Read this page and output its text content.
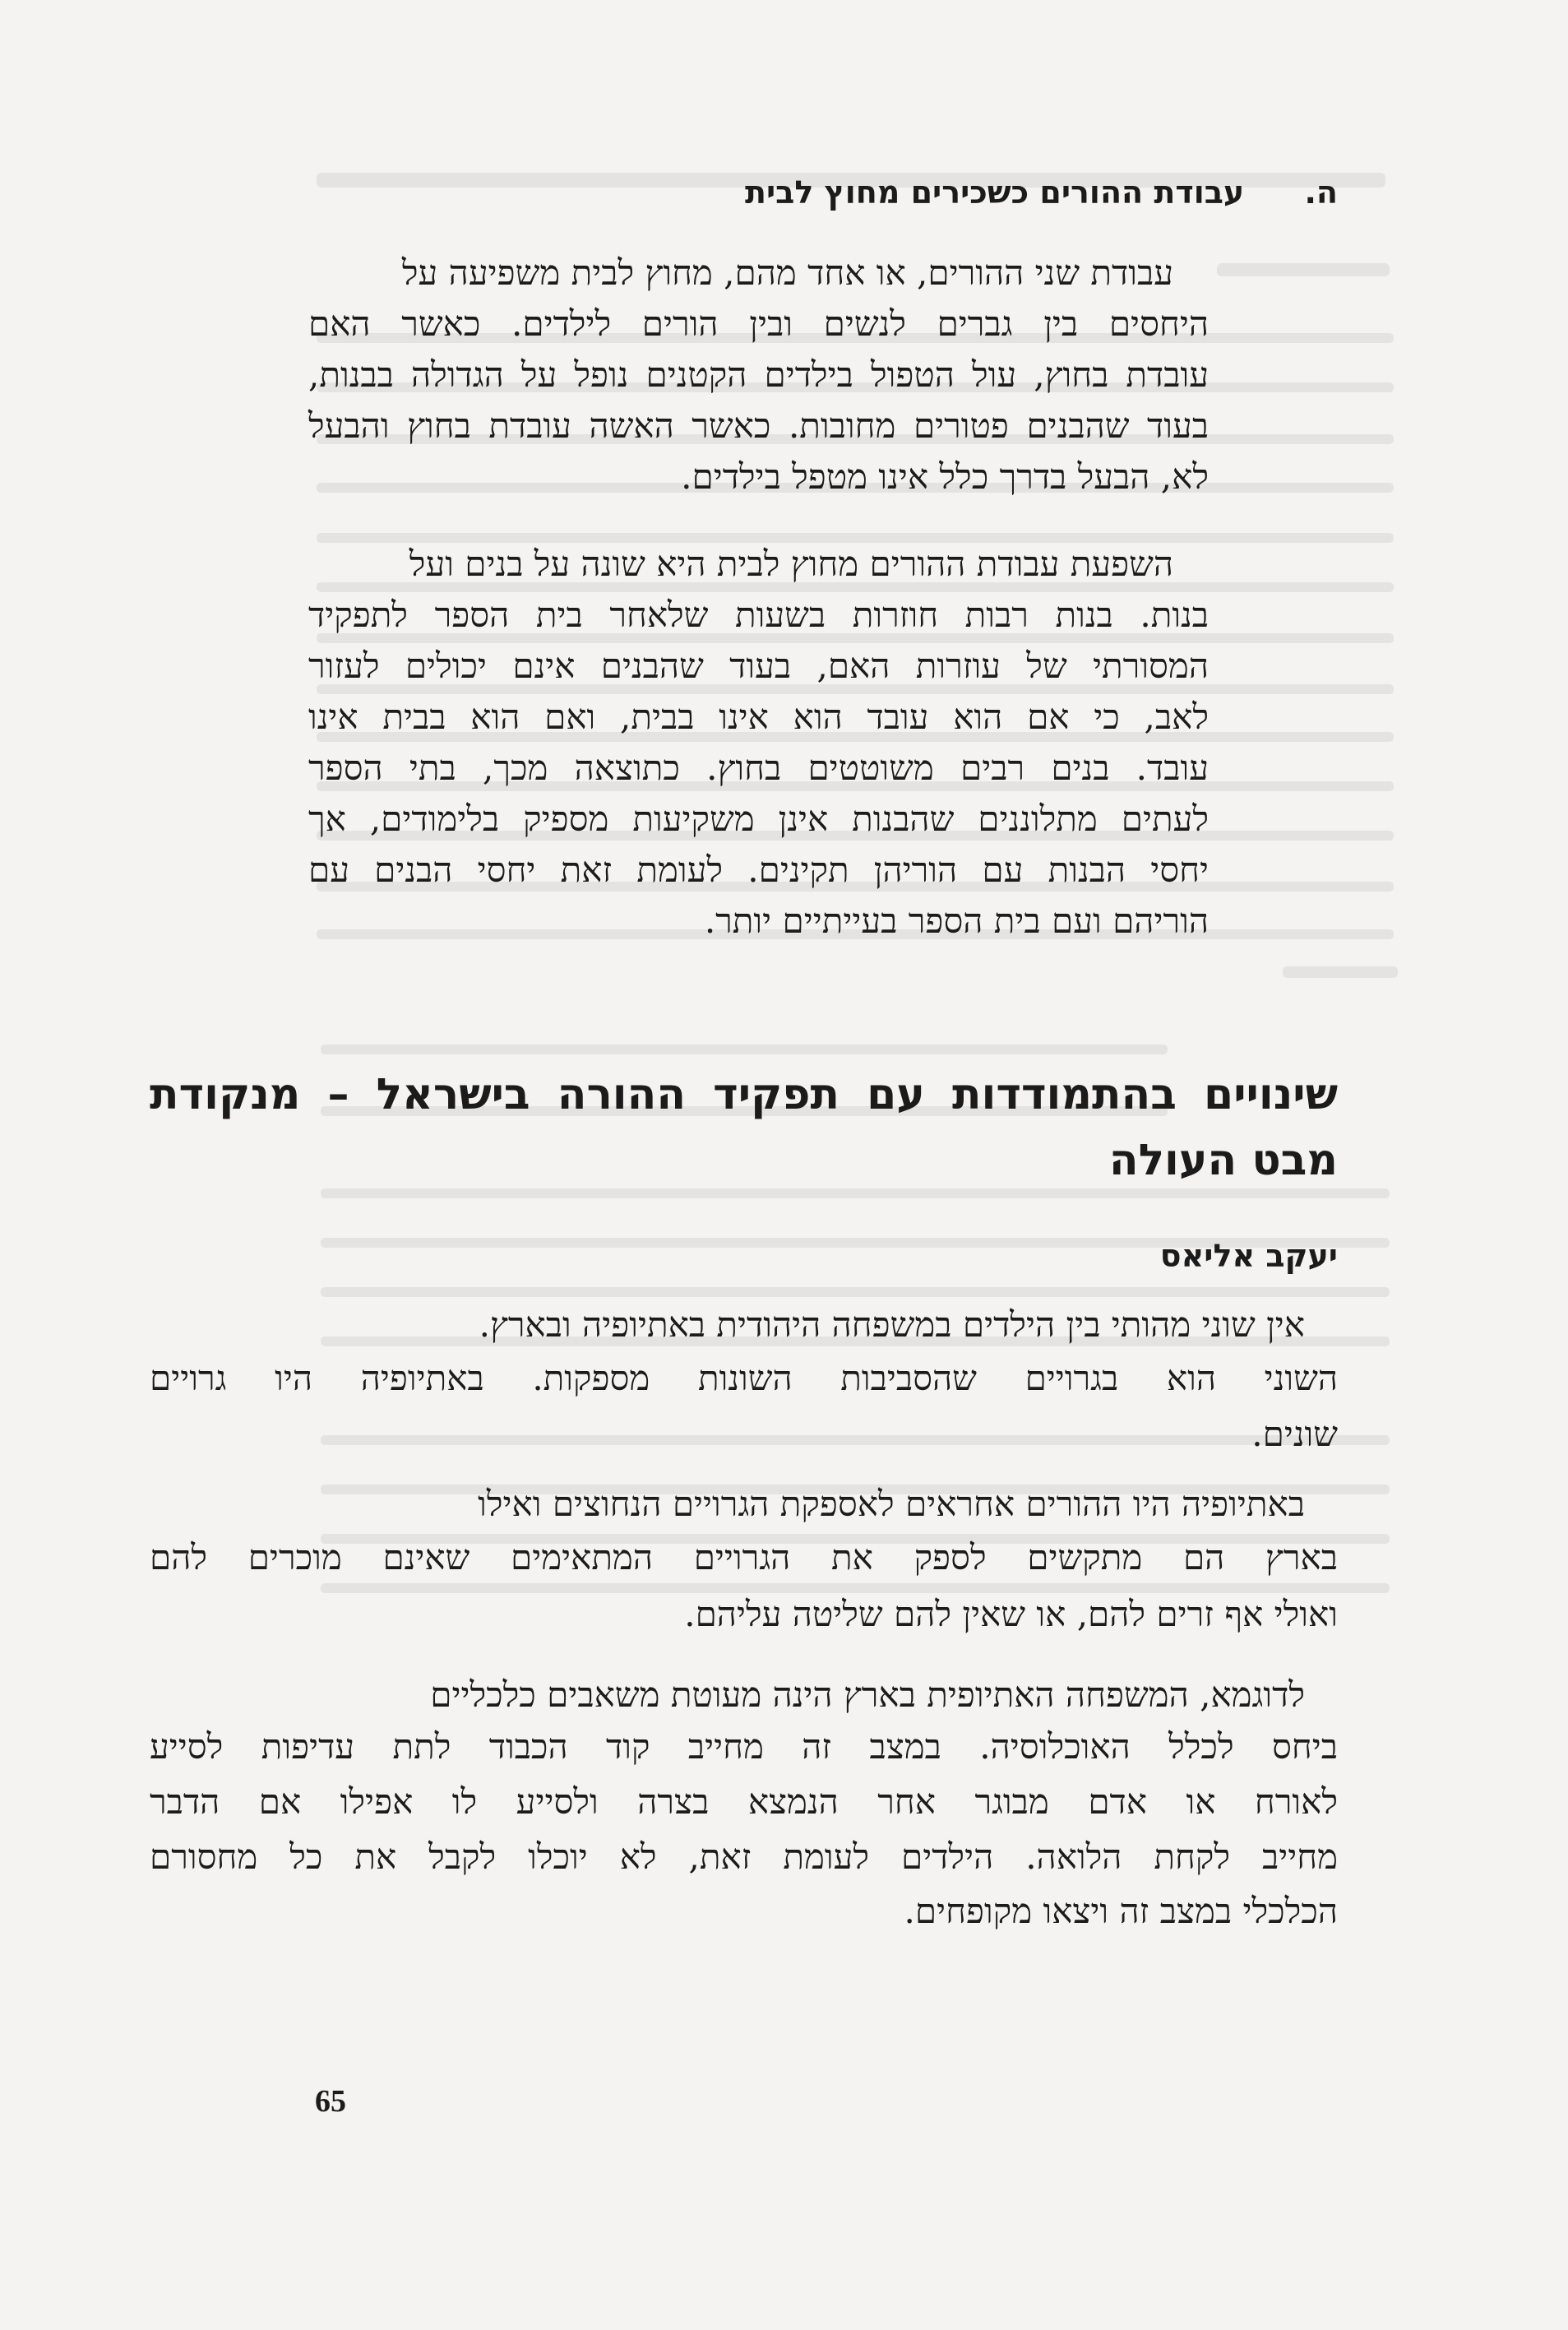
ה. עבודת ההורים כשכירים מחוץ לבית
עבודת שני ההורים, או אחד מהם, מחוץ לבית משפיעה על
היחסים בין גברים לנשים ובין הורים לילדים. כאשר האם
עובדת בחוץ, עול הטפול בילדים הקטנים נופל על הגדולה בבנות,
בעוד שהבנים פטורים מחובות. כאשר האשה עובדת בחוץ והבעל
לא, הבעל בדרך כלל אינו מטפל בילדים.
השפעת עבודת ההורים מחוץ לבית היא שונה על בנים ועל
בנות. בנות רבות חוזרות בשעות שלאחר בית הספר לתפקיד
המסורתי של עוזרות האם, בעוד שהבנים אינם יכולים לעזור
לאב, כי אם הוא עובד הוא אינו בבית, ואם הוא בבית אינו
עובד. בנים רבים משוטטים בחוץ. כתוצאה מכך, בתי הספר
לעתים מתלוננים שהבנות אינן משקיעות מספיק בלימודים, אך
יחסי הבנות עם הוריהן תקינים. לעומת זאת יחסי הבנים עם
הוריהם ועם בית הספר בעייתיים יותר.
שינויים בהתמודדות עם תפקיד ההורה בישראל – מנקודת
מבט העולה
יעקב אליאס
אין שוני מהותי בין הילדים במשפחה היהודית באתיופיה ובארץ.
השוני הוא בגרויים שהסביבות השונות מספקות. באתיופיה היו גרויים
שונים.
באתיופיה היו ההורים אחראים לאספקת הגרויים הנחוצים ואילו
בארץ הם מתקשים לספק את הגרויים המתאימים שאינם מוכרים להם
ואולי אף זרים להם, או שאין להם שליטה עליהם.
לדוגמא, המשפחה האתיופית בארץ הינה מעוטת משאבים כלכליים
ביחס לכלל האוכלוסיה. במצב זה מחייב קוד הכבוד לתת עדיפות לסייע
לאורח או אדם מבוגר אחר הנמצא בצרה ולסייע לו אפילו אם הדבר
מחייב לקחת הלואה. הילדים לעומת זאת, לא יוכלו לקבל את כל מחסורם
הכלכלי במצב זה ויצאו מקופחים.
65
